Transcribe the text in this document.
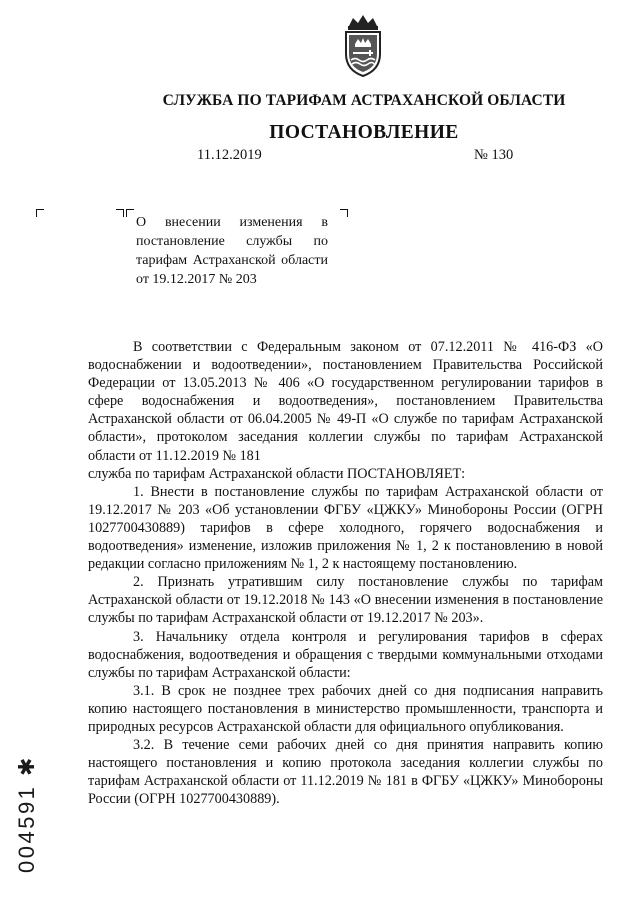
СЛУЖБА ПО ТАРИФАМ АСТРАХАНСКОЙ ОБЛАСТИ
ПОСТАНОВЛЕНИЕ
11.12.2019	№ 130
О внесении изменения в постановление службы по тарифам Астраханской области от 19.12.2017 № 203

В соответствии с Федеральным законом от 07.12.2011 № 416-ФЗ «О водоснабжении и водоотведении», постановлением Правительства Российской Федерации от 13.05.2013 № 406 «О государственном регулировании тарифов в сфере водоснабжения и водоотведения», постановлением Правительства Астраханской области от 06.04.2005 № 49-П «О службе по тарифам Астраханской области», протоколом заседания коллегии службы по тарифам Астраханской области от 11.12.2019 № 181

служба по тарифам Астраханской области ПОСТАНОВЛЯЕТ:

1. Внести в постановление службы по тарифам Астраханской области от 19.12.2017 № 203 «Об установлении ФГБУ «ЦЖКУ» Минобороны России (ОГРН 1027700430889) тарифов в сфере холодного, горячего водоснабжения и водоотведения» изменение, изложив приложения № 1, 2 к постановлению в новой редакции согласно приложениям № 1, 2 к настоящему постановлению.

2. Признать утратившим силу постановление службы по тарифам Астраханской области от 19.12.2018 № 143 «О внесении изменения в постановление службы по тарифам Астраханской области от 19.12.2017 № 203».

3. Начальнику отдела контроля и регулирования тарифов в сферах водоснабжения, водоотведения и обращения с твердыми коммунальными отходами службы по тарифам Астраханской области:

3.1. В срок не позднее трех рабочих дней со дня подписания направить копию настоящего постановления в министерство промышленности, транспорта и природных ресурсов Астраханской области для официального опубликования.

3.2. В течение семи рабочих дней со дня принятия направить копию настоящего постановления и копию протокола заседания коллегии службы по тарифам Астраханской области от 11.12.2019 № 181 в ФГБУ «ЦЖКУ» Минобороны России (ОГРН 1027700430889).

004591 ✱
